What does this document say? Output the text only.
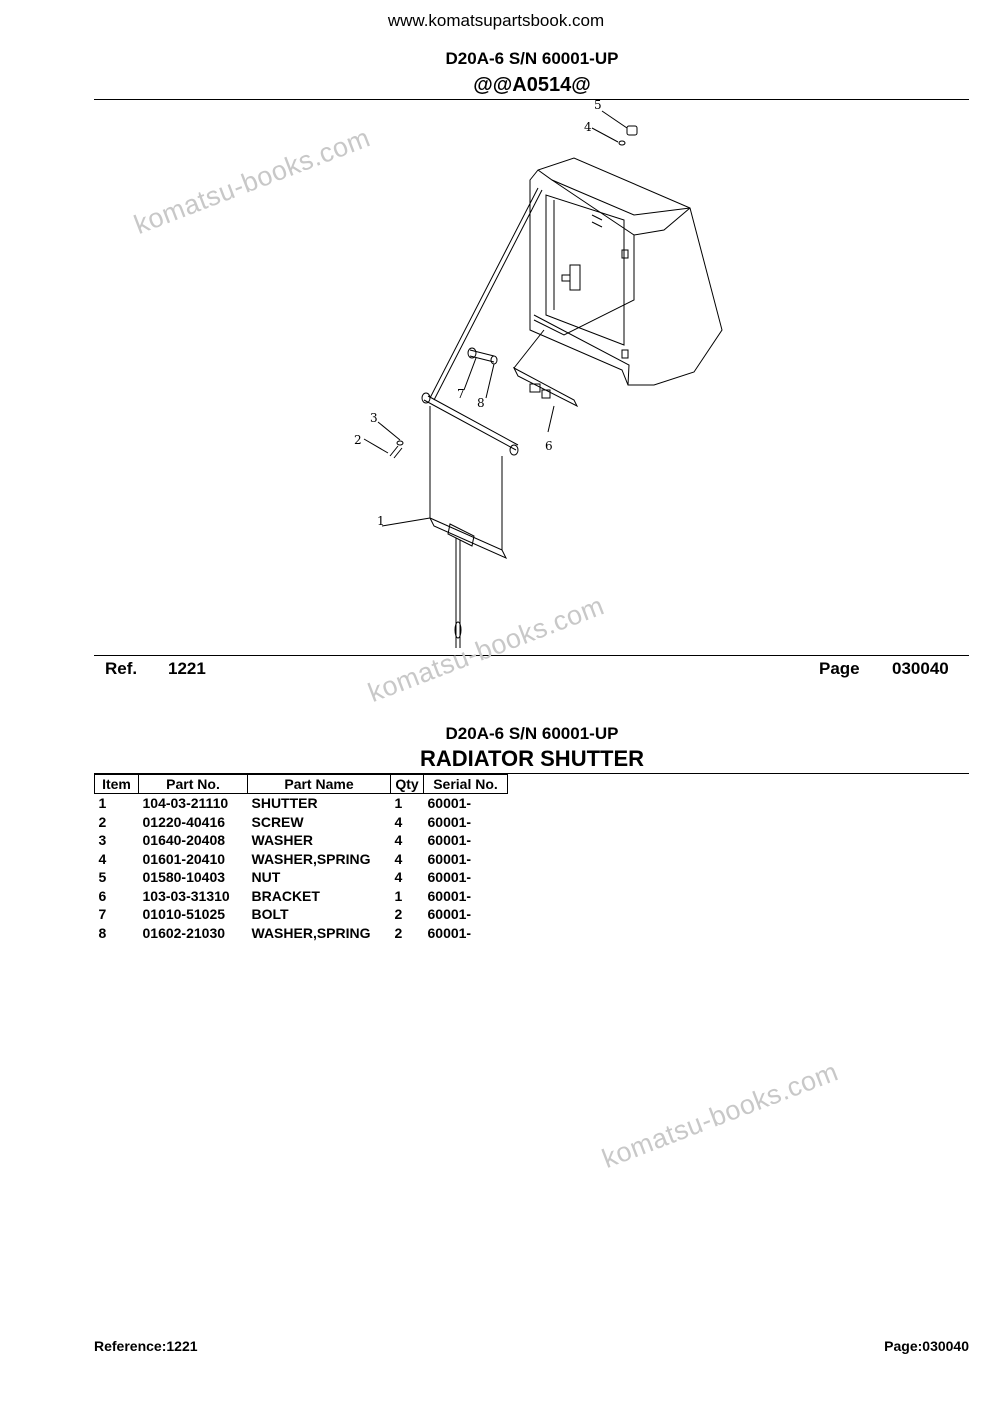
www.komatsupartsbook.com
D20A-6 S/N 60001-UP
@@A0514@
1
2
3
4
5
6
7
8
Ref. 1221	Page 030040
D20A-6 S/N 60001-UP
RADIATOR SHUTTER
Item	Part No.	Part Name	Qty	Serial No.
1	104-03-21110	SHUTTER	1	60001-
2	01220-40416	SCREW	4	60001-
3	01640-20408	WASHER	4	60001-
4	01601-20410	WASHER,SPRING	4	60001-
5	01580-10403	NUT	4	60001-
6	103-03-31310	BRACKET	1	60001-
7	01010-51025	BOLT	2	60001-
8	01602-21030	WASHER,SPRING	2	60001-
Reference:1221	Page:030040
komatsu-books.com
komatsu-books.com
komatsu-books.com
